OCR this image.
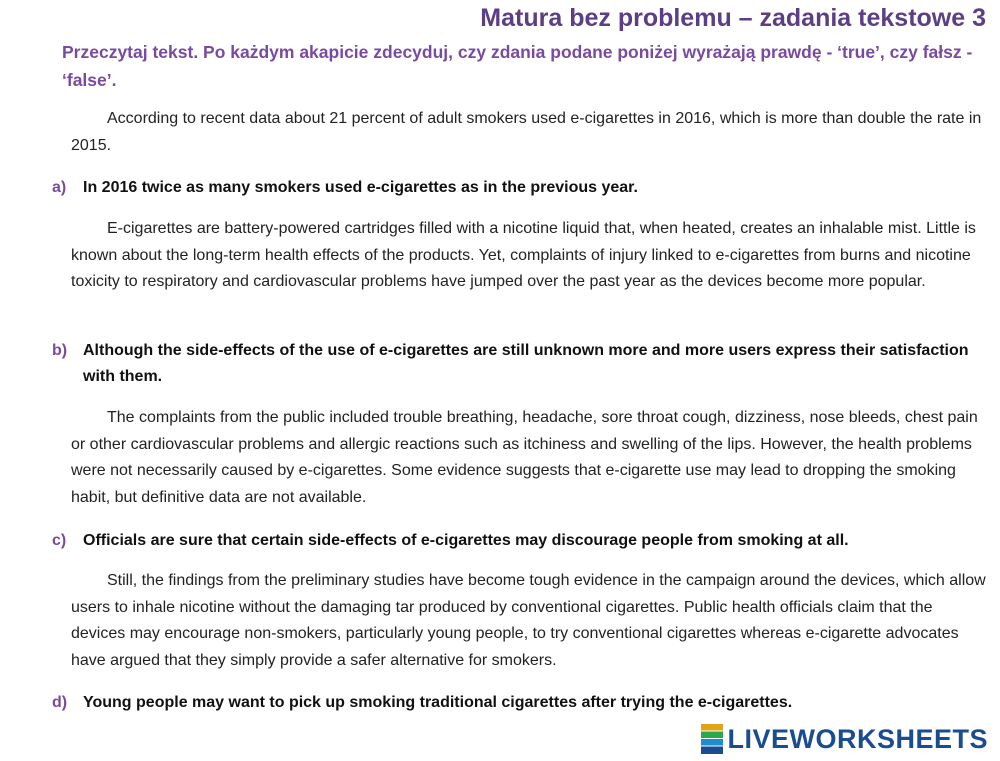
Matura bez problemu – zadania tekstowe 3
Przeczytaj tekst. Po każdym akapicie zdecyduj, czy zdania podane poniżej wyrażają prawdę - ‘true’, czy fałsz - ‘false’.
According to recent data about 21 percent of adult smokers used e-cigarettes in 2016, which is more than double the rate in 2015.
a) In 2016 twice as many smokers used e-cigarettes as in the previous year.
E-cigarettes are battery-powered cartridges filled with a nicotine liquid that, when heated, creates an inhalable mist. Little is known about the long-term health effects of the products. Yet, complaints of injury linked to e-cigarettes from burns and nicotine toxicity to respiratory and cardiovascular problems have jumped over the past year as the devices become more popular.
b) Although the side-effects of the use of e-cigarettes are still unknown more and more users express their satisfaction with them.
The complaints from the public included trouble breathing, headache, sore throat cough, dizziness, nose bleeds, chest pain or other cardiovascular problems and allergic reactions such as itchiness and swelling of the lips. However, the health problems were not necessarily caused by e-cigarettes. Some evidence suggests that e-cigarette use may lead to dropping the smoking habit, but definitive data are not available.
c) Officials are sure that certain side-effects of e-cigarettes may discourage people from smoking at all.
Still, the findings from the preliminary studies have become tough evidence in the campaign around the devices, which allow users to inhale nicotine without the damaging tar produced by conventional cigarettes. Public health officials claim that the devices may encourage non-smokers, particularly young people, to try conventional cigarettes whereas e-cigarette advocates have argued that they simply provide a safer alternative for smokers.
d) Young people may want to pick up smoking traditional cigarettes after trying the e-cigarettes.
LIVEWORKSHEETS
